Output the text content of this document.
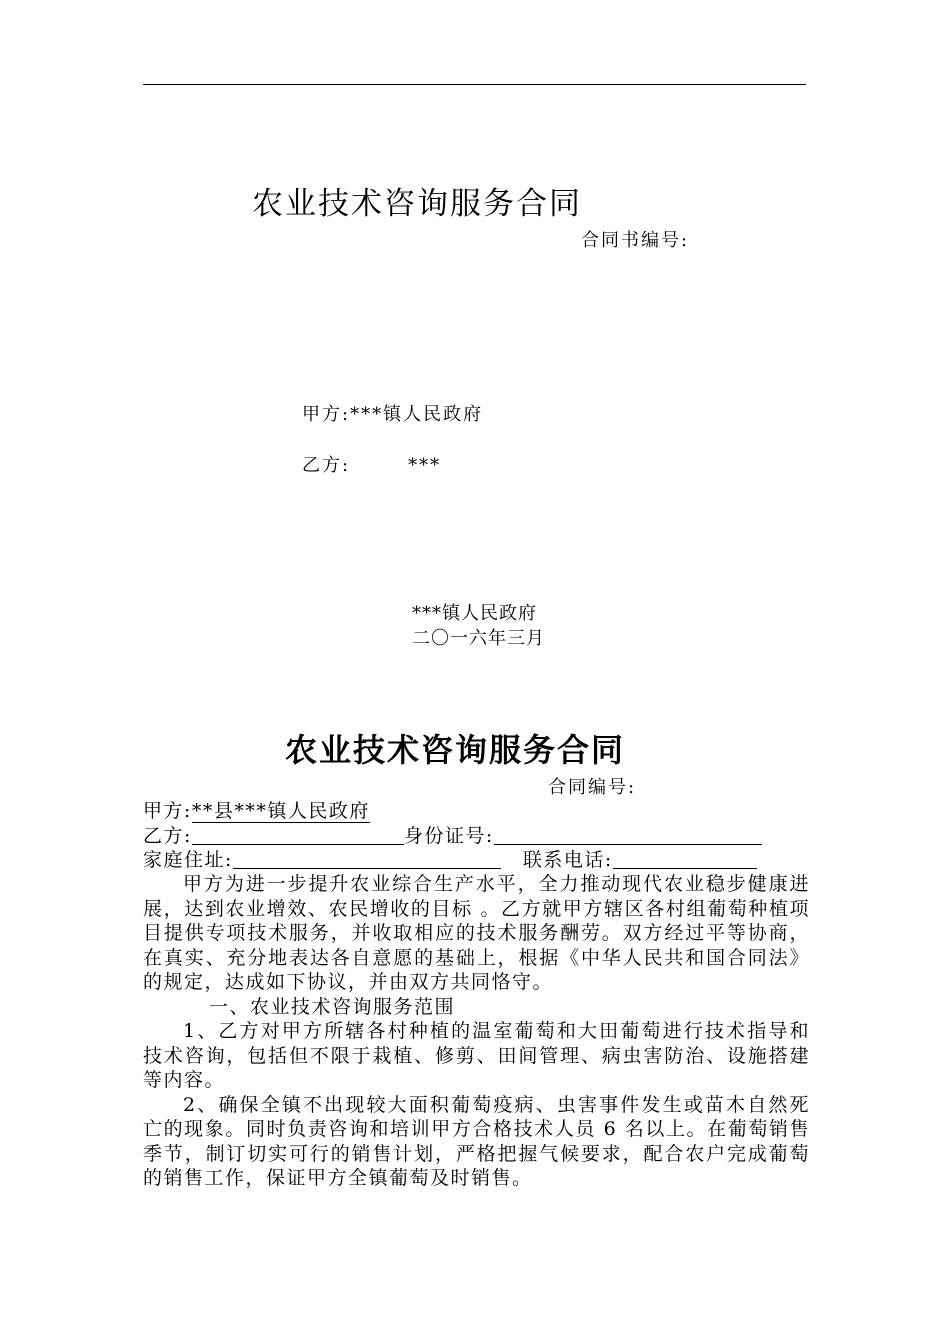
农业技术咨询服务合同
合同书编号:
甲方:***镇人民政府
乙方:	***
***镇人民政府
二〇一六年三月
农业技术咨询服务合同
合同编号:
甲方:**县***镇人民政府
乙方:	身份证号:
家庭住址:	联系电话:

甲方为进一步提升农业综合生产水平，全力推动现代农业稳步健康进展，达到农业增效、农民增收的目标 。乙方就甲方辖区各村组葡萄种植项目提供专项技术服务，并收取相应的技术服务酬劳。双方经过平等协商，在真实、充分地表达各自意愿的基础上，根据《中华人民共和国合同法》的规定，达成如下协议，并由双方共同恪守。

一、农业技术咨询服务范围

1、乙方对甲方所辖各村种植的温室葡萄和大田葡萄进行技术指导和技术咨询，包括但不限于栽植、修剪、田间管理、病虫害防治、设施搭建等内容。

2、确保全镇不出现较大面积葡萄疫病、虫害事件发生或苗木自然死亡的现象。同时负责咨询和培训甲方合格技术人员 6 名以上。在葡萄销售季节，制订切实可行的销售计划，严格把握气候要求，配合农户完成葡萄的销售工作，保证甲方全镇葡萄及时销售。
